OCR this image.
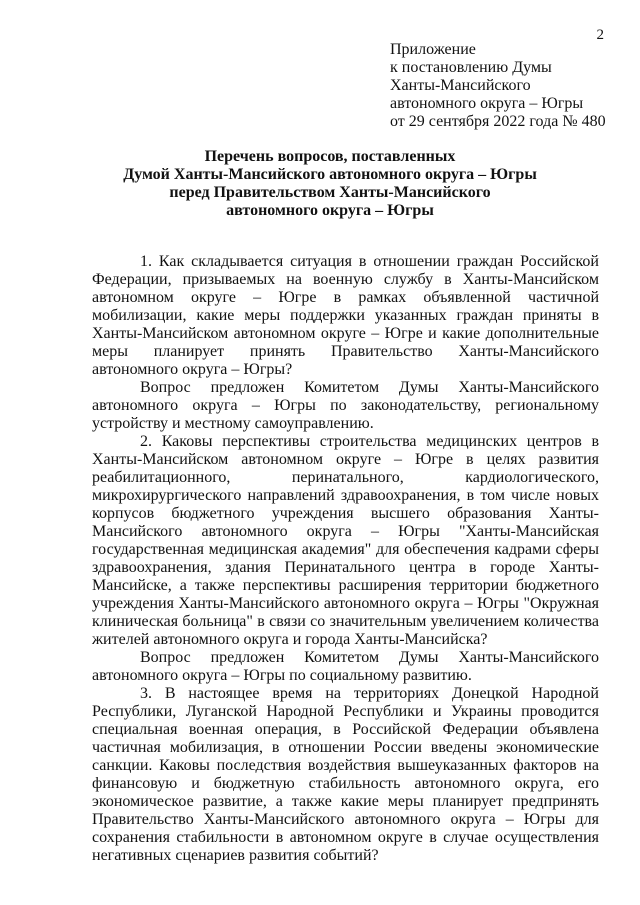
2
Приложение
к постановлению Думы
Ханты-Мансийского
автономного округа – Югры
от 29 сентября 2022 года № 480
Перечень вопросов, поставленных
Думой Ханты-Мансийского автономного округа – Югры
перед Правительством Ханты-Мансийского
автономного округа – Югры

1. Как складывается ситуация в отношении граждан Российской Федерации, призываемых на военную службу в Ханты-Мансийском автономном округе – Югре в рамках объявленной частичной мобилизации, какие меры поддержки указанных граждан приняты в Ханты-Мансийском автономном округе – Югре и какие дополнительные меры планирует принять Правительство Ханты-Мансийского автономного округа – Югры?

Вопрос предложен Комитетом Думы Ханты-Мансийского автономного округа – Югры по законодательству, региональному устройству и местному самоуправлению.

2. Каковы перспективы строительства медицинских центров в Ханты-Мансийском автономном округе – Югре в целях развития реабилитационного, перинатального, кардиологического, микрохирургического направлений здравоохранения, в том числе новых корпусов бюджетного учреждения высшего образования Ханты-Мансийского автономного округа – Югры "Ханты-Мансийская государственная медицинская академия" для обеспечения кадрами сферы здравоохранения, здания Перинатального центра в городе Ханты-Мансийске, а также перспективы расширения территории бюджетного учреждения Ханты-Мансийского автономного округа – Югры "Окружная клиническая больница" в связи со значительным увеличением количества жителей автономного округа и города Ханты-Мансийска?

Вопрос предложен Комитетом Думы Ханты-Мансийского автономного округа – Югры по социальному развитию.

3. В настоящее время на территориях Донецкой Народной Республики, Луганской Народной Республики и Украины проводится специальная военная операция, в Российской Федерации объявлена частичная мобилизация, в отношении России введены экономические санкции. Каковы последствия воздействия вышеуказанных факторов на финансовую и бюджетную стабильность автономного округа, его экономическое развитие, а также какие меры планирует предпринять Правительство Ханты-Мансийского автономного округа – Югры для сохранения стабильности в автономном округе в случае осуществления негативных сценариев развития событий?
